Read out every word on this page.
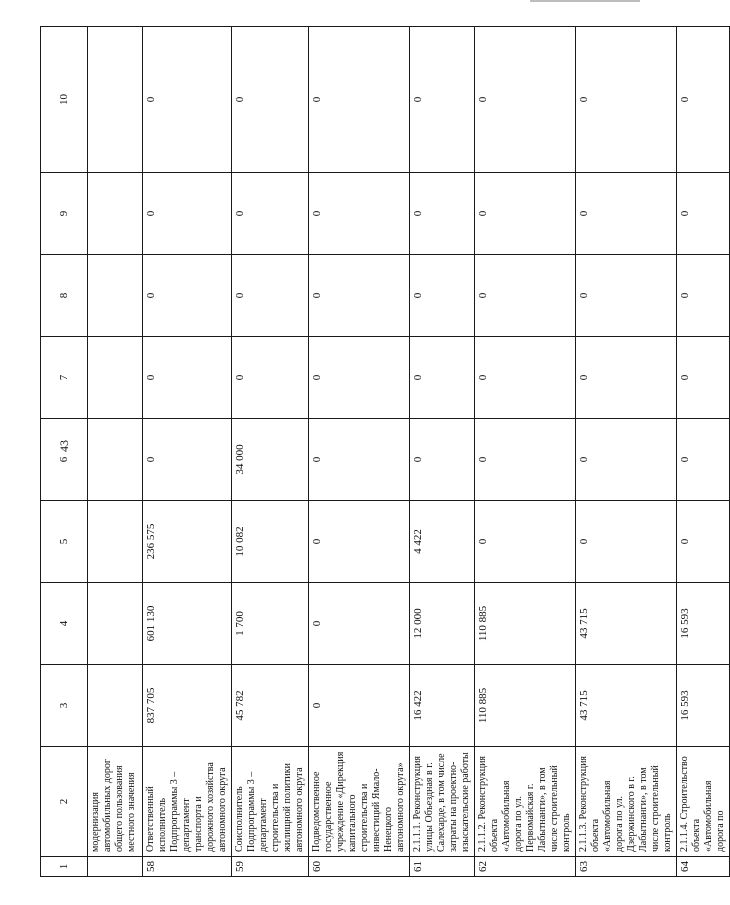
43
1	2	3	4	5	6	7	8	9	10
	модернизация автомобильных дорог общего пользования местного значения								
58	Ответственный исполнитель Подпрограммы 3 – департамент транспорта и дорожного хозяйства автономного округа	837 705	601 130	236 575	0	0	0	0	0
59	Соисполнитель Подпрограммы 3 – департамент строительства и жилищной политики автономного округа	45 782	1 700	10 082	34 000	0	0	0	0
60	Подведомственное государственное учреждение «Дирекция капитального строительства и инвестиций Ямало-Ненецкого автономного округа»	0	0	0	0	0	0	0	0
61	2.1.1.1. Реконструкция улицы Объездная в г. Салехарде, в том числе затраты на проектно-изыскательские работы	16 422	12 000	4 422	0	0	0	0	0
62	2.1.1.2. Реконструкция объекта «Автомобильная дорога по ул. Первомайская г. Лабытнанги», в том числе строительный контроль	110 885	110 885	0	0	0	0	0	0
63	2.1.1.3. Реконструкция объекта «Автомобильная дорога по ул. Дзержинского в г. Лабытнанги», в том числе строительный контроль	43 715	43 715	0	0	0	0	0	0
64	2.1.1.4. Строительство объекта «Автомобильная дорога по	16 593	16 593	0	0	0	0	0	0
